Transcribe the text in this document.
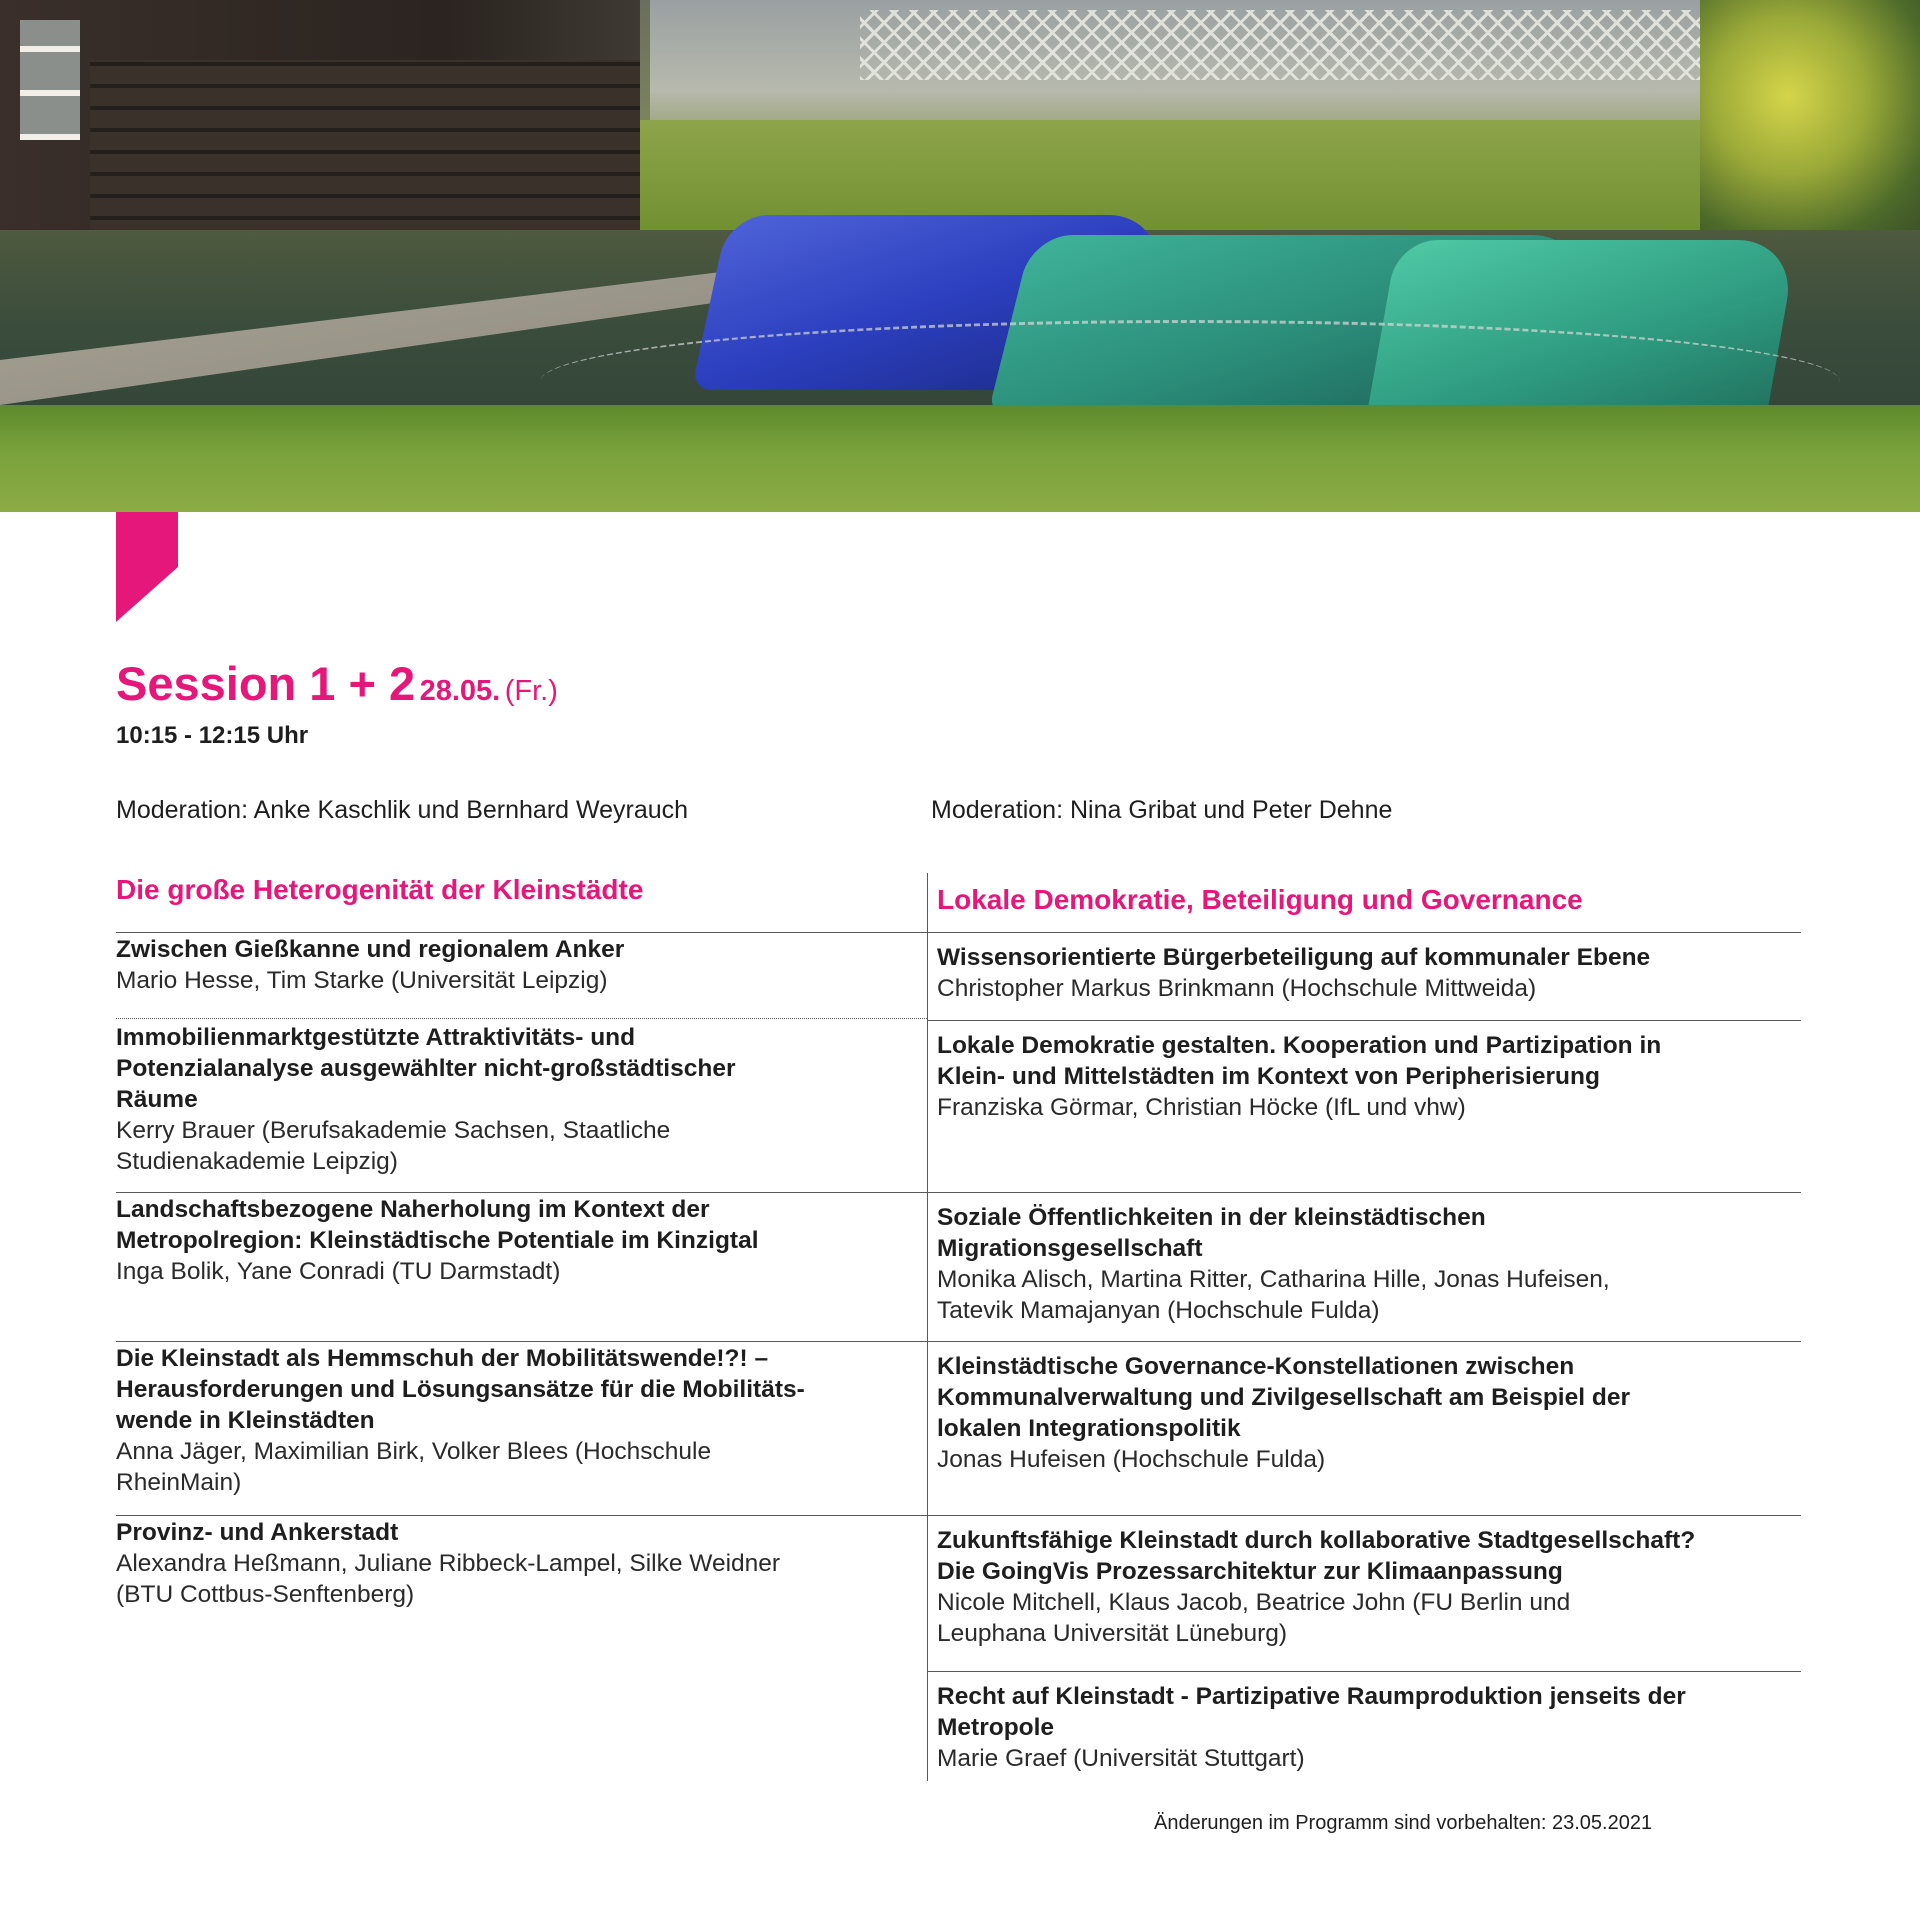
Session 1 + 2 28.05. (Fr.)
10:15 - 12:15 Uhr
Moderation: Anke Kaschlik und Bernhard Weyrauch	Moderation: Nina Gribat und Peter Dehne
Die große Heterogenität der Kleinstädte	Lokale Demokratie, Beteiligung und Governance
Zwischen Gießkanne und regionalem Anker
Mario Hesse, Tim Starke (Universität Leipzig)
Immobilienmarktgestützte Attraktivitäts- und
Potenzialanalyse ausgewählter nicht-großstädtischer
Räume
Kerry Brauer (Berufsakademie Sachsen, Staatliche
Studienakademie Leipzig)
Landschaftsbezogene Naherholung im Kontext der
Metropolregion: Kleinstädtische Potentiale im Kinzigtal
Inga Bolik, Yane Conradi (TU Darmstadt)
Die Kleinstadt als Hemmschuh der Mobilitätswende!?! –
Herausforderungen und Lösungsansätze für die Mobilitäts-
wende in Kleinstädten
Anna Jäger, Maximilian Birk, Volker Blees (Hochschule
RheinMain)
Provinz- und Ankerstadt
Alexandra Heßmann, Juliane Ribbeck-Lampel, Silke Weidner
(BTU Cottbus-Senftenberg)
Wissensorientierte Bürgerbeteiligung auf kommunaler Ebene
Christopher Markus Brinkmann (Hochschule Mittweida)
Lokale Demokratie gestalten. Kooperation und Partizipation in
Klein- und Mittelstädten im Kontext von Peripherisierung
Franziska Görmar, Christian Höcke (IfL und vhw)
Soziale Öffentlichkeiten in der kleinstädtischen
Migrationsgesellschaft
Monika Alisch, Martina Ritter, Catharina Hille, Jonas Hufeisen,
Tatevik Mamajanyan (Hochschule Fulda)
Kleinstädtische Governance-Konstellationen zwischen
Kommunalverwaltung und Zivilgesellschaft am Beispiel der
lokalen Integrationspolitik
Jonas Hufeisen (Hochschule Fulda)
Zukunftsfähige Kleinstadt durch kollaborative Stadtgesellschaft?
Die GoingVis Prozessarchitektur zur Klimaanpassung
Nicole Mitchell, Klaus Jacob, Beatrice John (FU Berlin und
Leuphana Universität Lüneburg)
Recht auf Kleinstadt - Partizipative Raumproduktion jenseits der
Metropole
Marie Graef (Universität Stuttgart)
Änderungen im Programm sind vorbehalten: 23.05.2021
